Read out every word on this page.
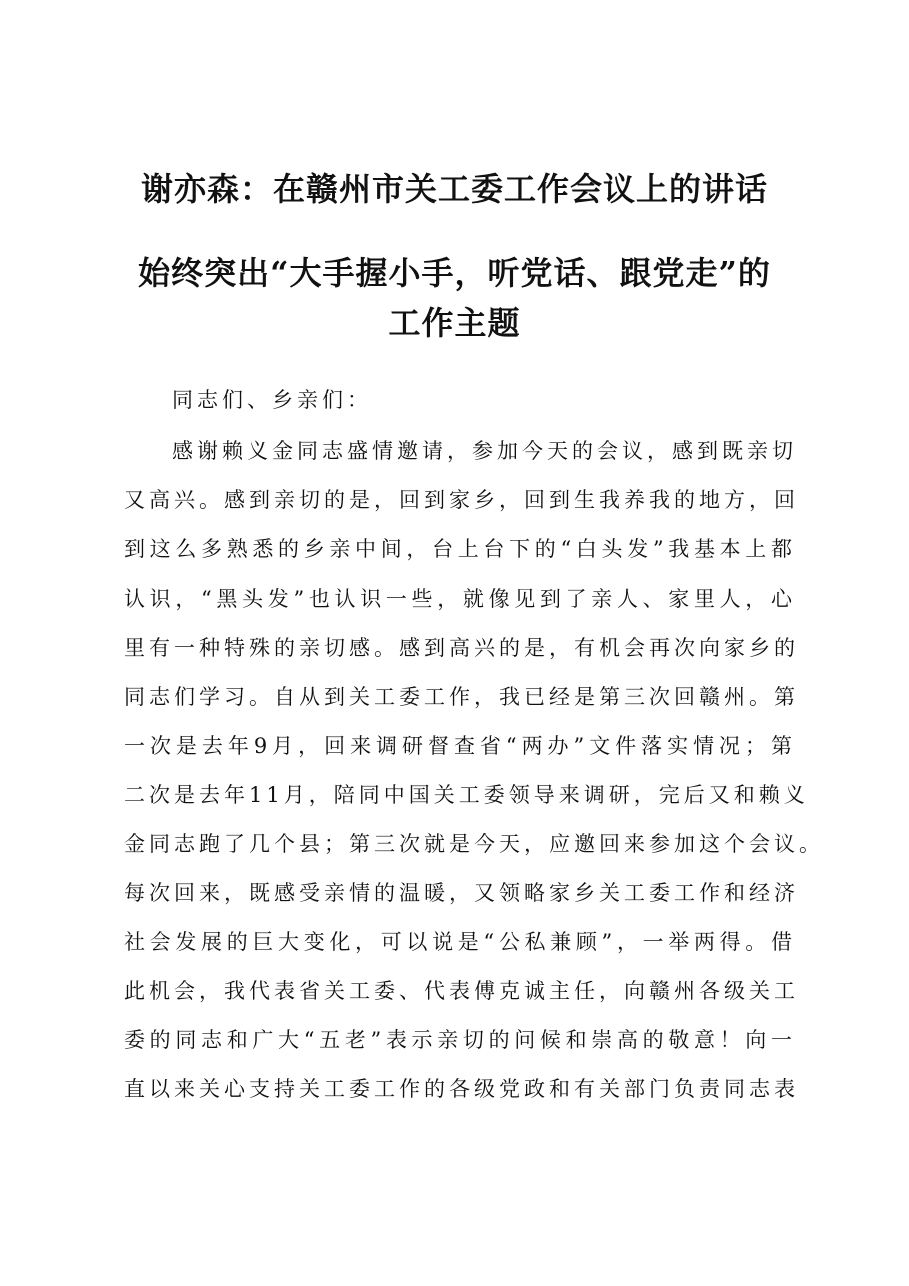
谢亦森：在赣州市关工委工作会议上的讲话
始终突出“大手握小手，听党话、跟党走”的
工作主题
同志们、乡亲们：
感谢赖义金同志盛情邀请，参加今天的会议，感到既亲切
又高兴。感到亲切的是，回到家乡，回到生我养我的地方，回
到这么多熟悉的乡亲中间，台上台下的“白头发”我基本上都
认识，“黑头发”也认识一些，就像见到了亲人、家里人，心
里有一种特殊的亲切感。感到高兴的是，有机会再次向家乡的
同志们学习。自从到关工委工作，我已经是第三次回赣州。第
一次是去年9月，回来调研督查省“两办”文件落实情况；第
二次是去年11月，陪同中国关工委领导来调研，完后又和赖义
金同志跑了几个县；第三次就是今天，应邀回来参加这个会议。
每次回来，既感受亲情的温暖，又领略家乡关工委工作和经济
社会发展的巨大变化，可以说是“公私兼顾”，一举两得。借
此机会，我代表省关工委、代表傅克诚主任，向赣州各级关工
委的同志和广大“五老”表示亲切的问候和崇高的敬意！向一
直以来关心支持关工委工作的各级党政和有关部门负责同志表
